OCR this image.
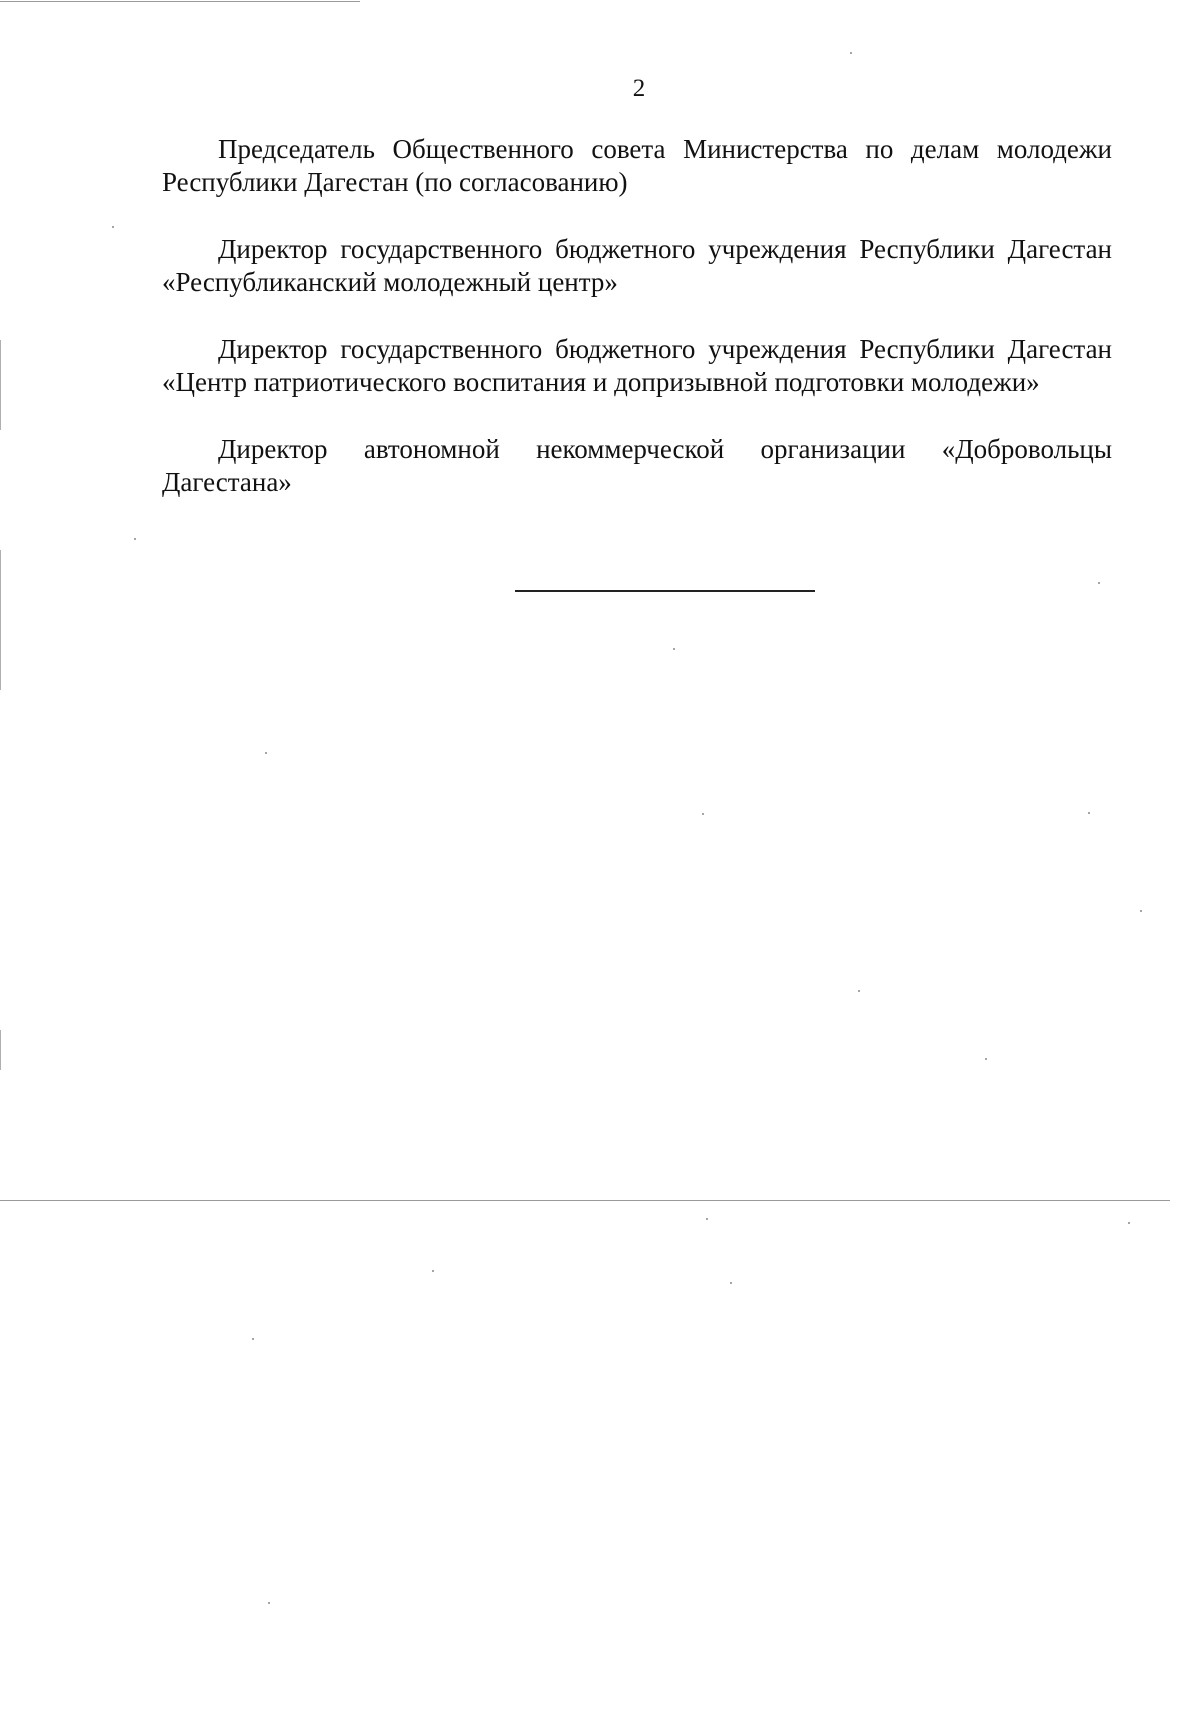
2

Председатель Общественного совета Министерства по делам молодежи Республики Дагестан (по согласованию)

Директор государственного бюджетного учреждения Республики Дагестан «Республиканский молодежный центр»

Директор государственного бюджетного учреждения Республики Дагестан «Центр патриотического воспитания и допризывной подготовки молодежи»

Директор автономной некоммерческой организации «Добровольцы Дагестана»
